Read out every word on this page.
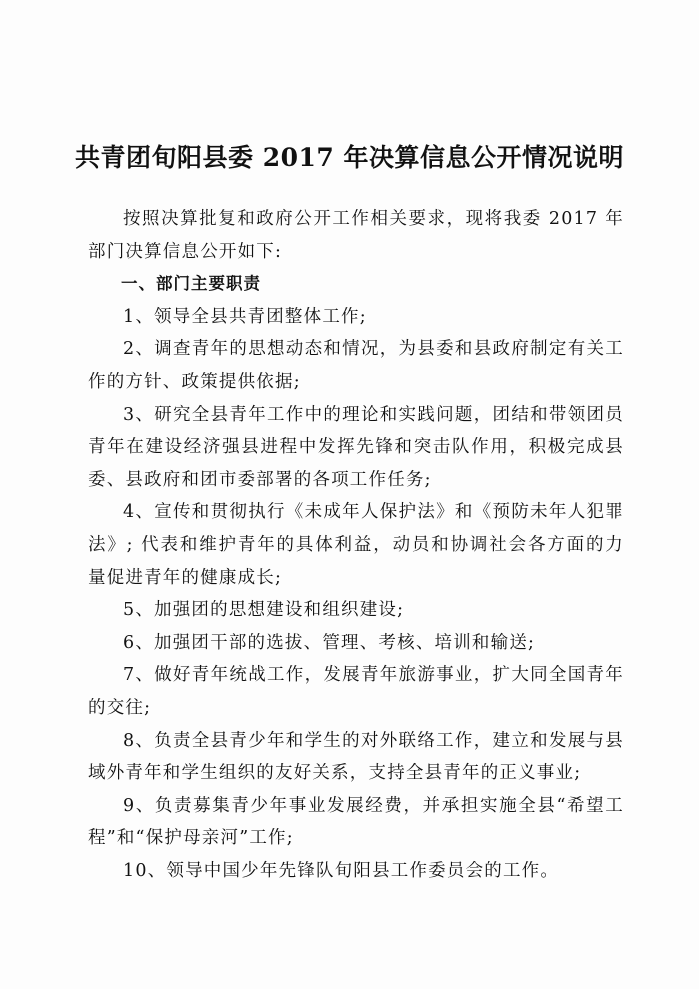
共青团旬阳县委 2017 年决算信息公开情况说明

按照决算批复和政府公开工作相关要求，现将我委 2017 年部门决算信息公开如下:

一、部门主要职责

1、领导全县共青团整体工作;

2、调查青年的思想动态和情况，为县委和县政府制定有关工作的方针、政策提供依据;

3、研究全县青年工作中的理论和实践问题，团结和带领团员青年在建设经济强县进程中发挥先锋和突击队作用，积极完成县委、县政府和团市委部署的各项工作任务;

4、宣传和贯彻执行《未成年人保护法》和《预防未年人犯罪法》; 代表和维护青年的具体利益，动员和协调社会各方面的力量促进青年的健康成长;

5、加强团的思想建设和组织建设;

6、加强团干部的选拔、管理、考核、培训和输送;

7、做好青年统战工作，发展青年旅游事业，扩大同全国青年的交往;

8、负责全县青少年和学生的对外联络工作，建立和发展与县域外青年和学生组织的友好关系，支持全县青年的正义事业;

9、负责募集青少年事业发展经费，并承担实施全县“希望工程”和“保护母亲河”工作;

10、领导中国少年先锋队旬阳县工作委员会的工作。
